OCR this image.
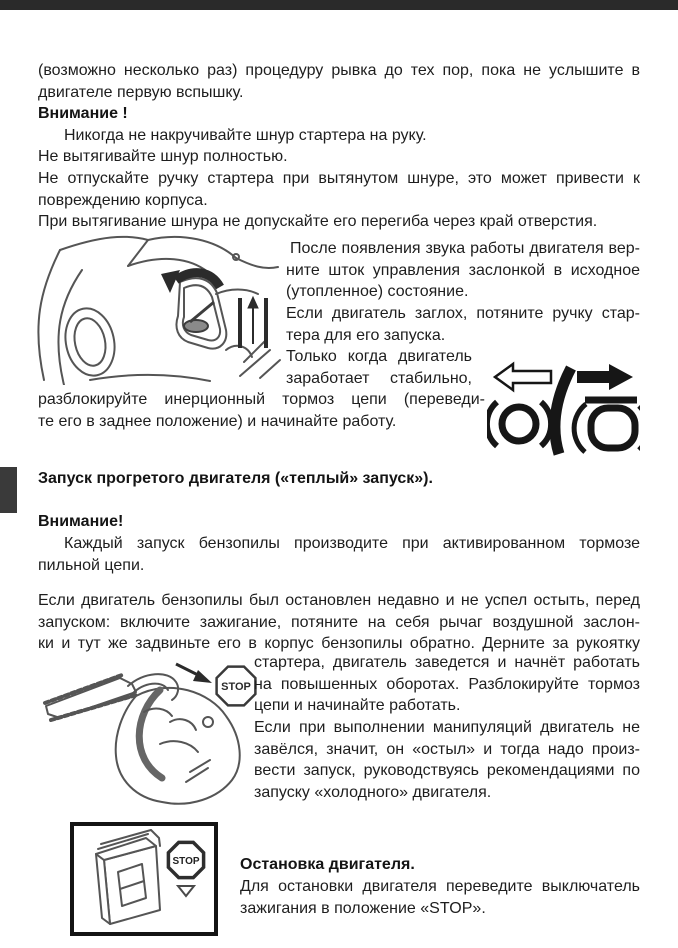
(возможно несколько раз) процедуру рывка до тех пор, пока не услышите в
двигателе первую вспышку.
Внимание !
Никогда не накручивайте шнур стартера на руку.
Не вытягивайте шнур полностью.
Не отпускайте ручку стартера при вытянутом шнуре, это может привести к
повреждению корпуса.
При вытягивание шнура не допускайте его перегиба через край отверстия.
После появления звука работы двигателя вер-
ните шток управления заслонкой в исходное
(утопленное) состояние.
Если двигатель заглох, потяните ручку стар-
тера для его запуска.
Только когда двигатель
заработает стабильно,
разблокируйте инерционный тормоз цепи (переведи-
те его в заднее положение) и начинайте работу.
Запуск прогретого двигателя («теплый» запуск»).
Внимание!
Каждый запуск бензопилы производите при активированном тормозе
пильной цепи.
Если двигатель бензопилы был остановлен недавно и не успел остыть, перед
запуском: включите зажигание, потяните на себя рычаг воздушной заслон-
ки и тут же задвиньте его в корпус бензопилы обратно. Дерните за рукоятку
STOP
стартера, двигатель заведется и начнёт работать
на повышенных оборотах. Разблокируйте тормоз
цепи и начинайте работать.
Если при выполнении манипуляций двигатель не
завёлся, значит, он «остыл» и тогда надо произ-
вести запуск, руководствуясь рекомендациями по
запуску «холодного» двигателя.
STOP	Остановка двигателя.
Для остановки двигателя переведите выключатель
зажигания в положение «STOP».
